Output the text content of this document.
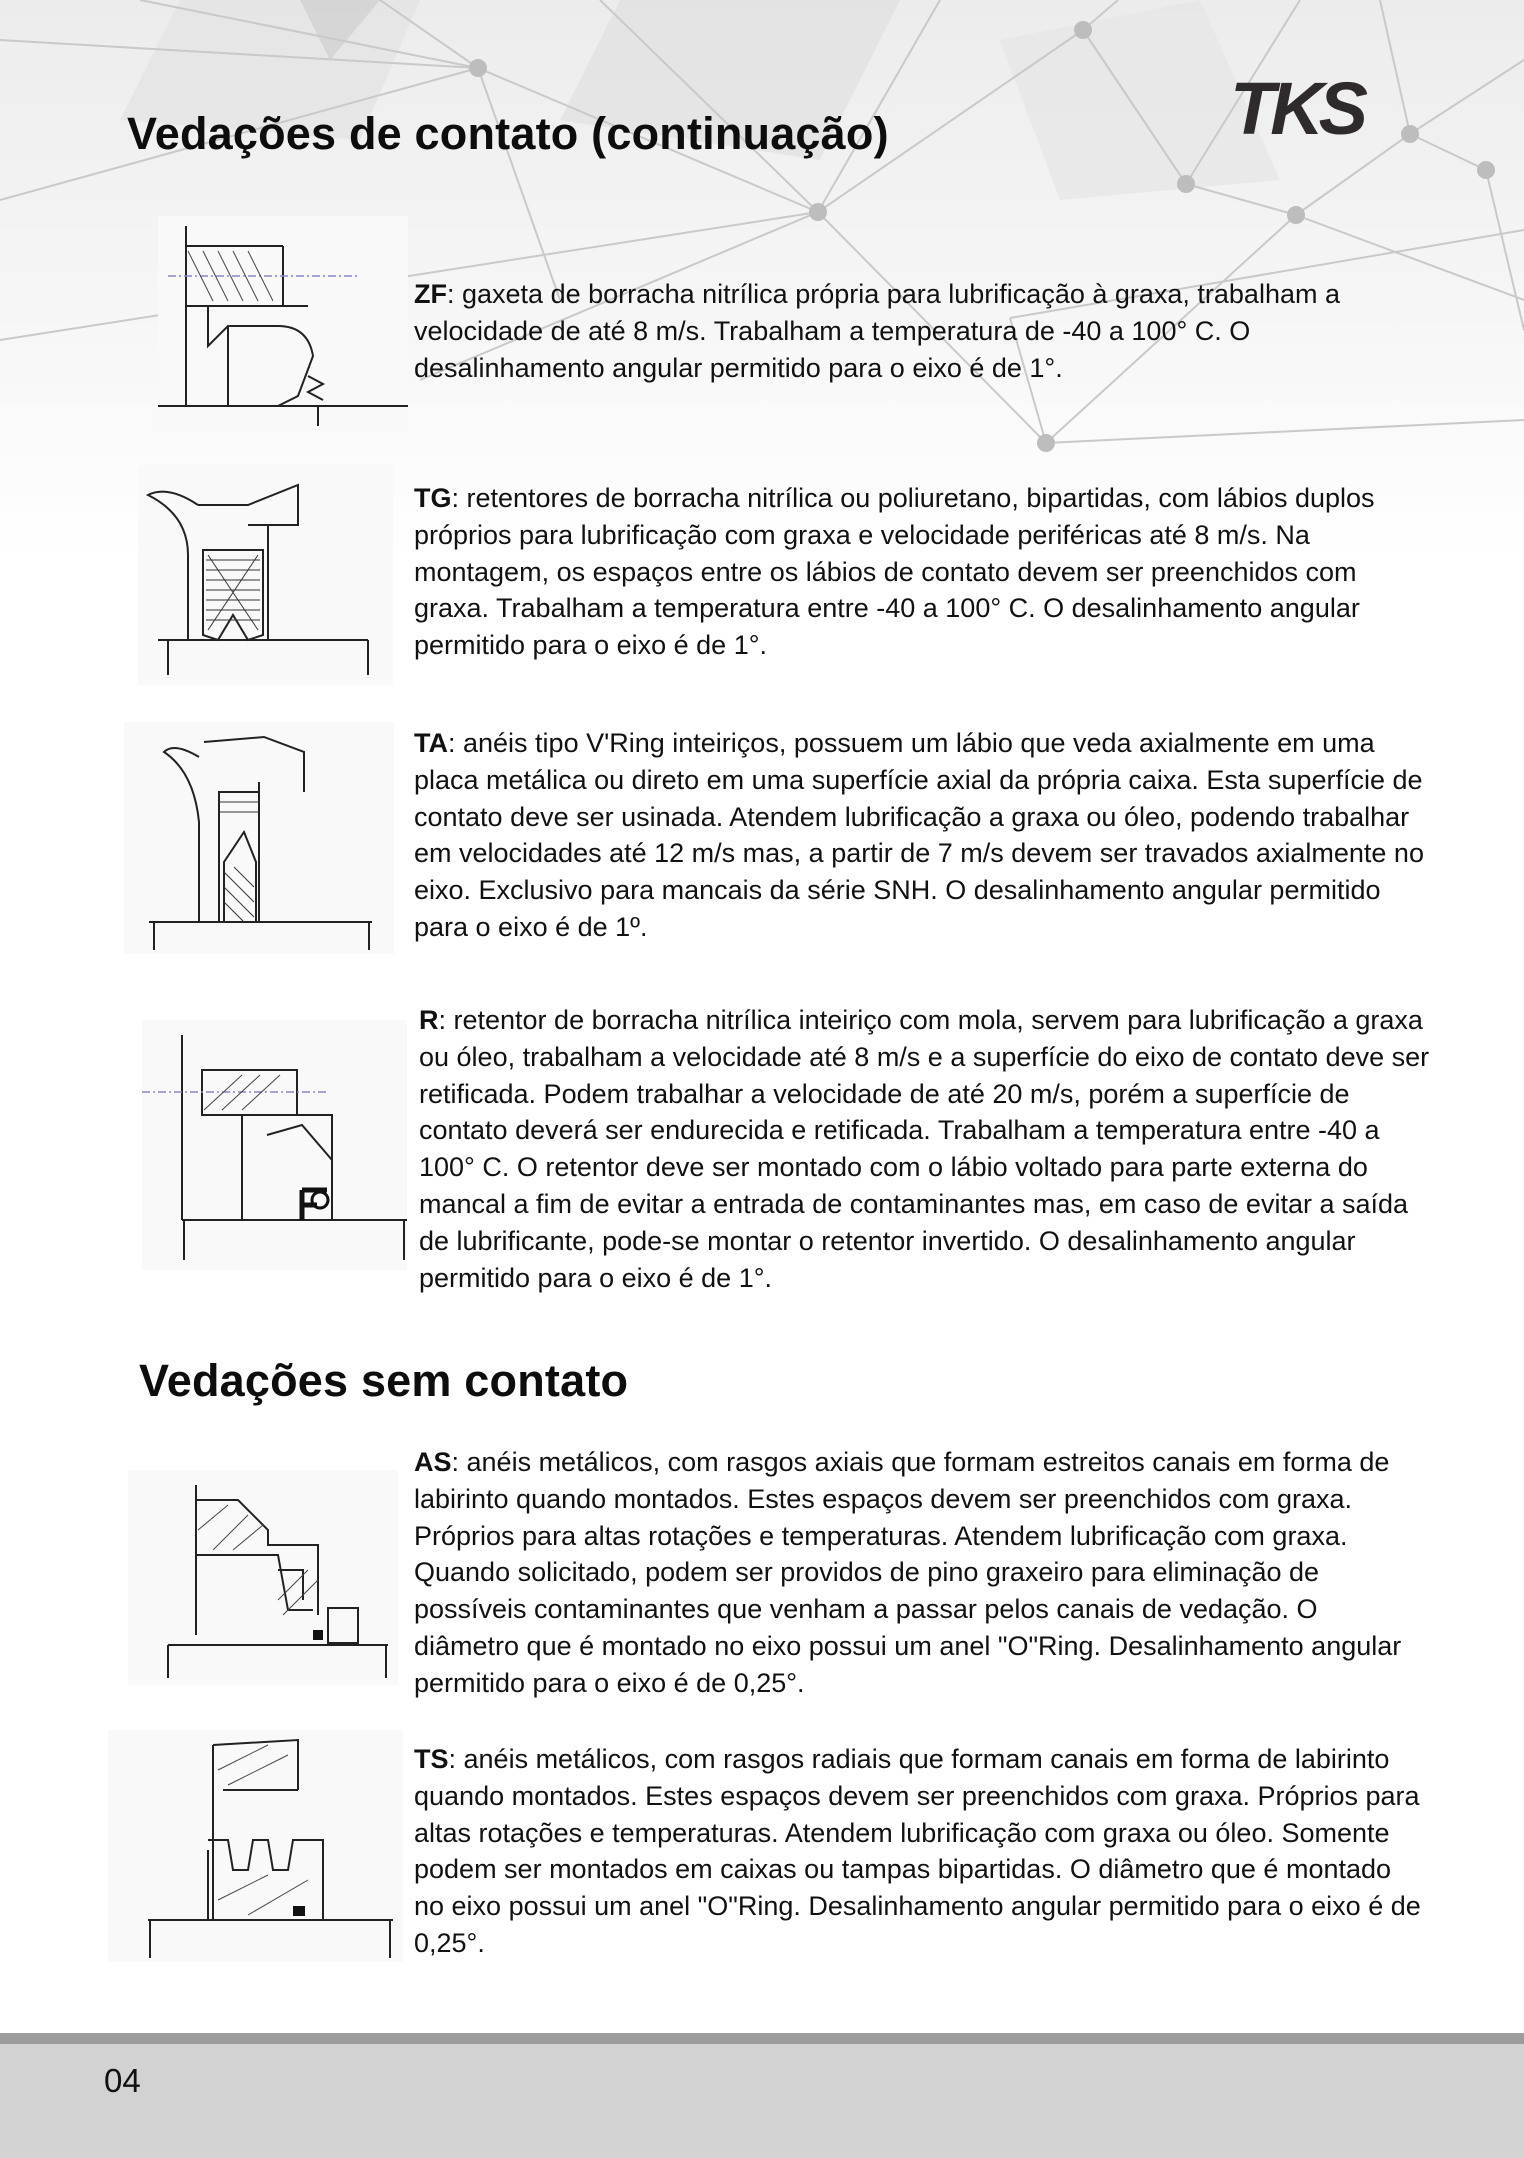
TKS
Vedações de contato (continuação)

ZF: gaxeta de borracha nitrílica própria para lubrificação à graxa, trabalham a velocidade de até 8 m/s. Trabalham a temperatura de -40 a 100° C. O desalinhamento angular permitido para o eixo é de 1°.

TG: retentores de borracha nitrílica ou poliuretano, bipartidas, com lábios duplos próprios para lubrificação com graxa e velocidade periféricas até 8 m/s. Na montagem, os espaços entre os lábios de contato devem ser preenchidos com graxa. Trabalham a temperatura entre -40 a 100° C. O desalinhamento angular permitido para o eixo é de 1°.

TA: anéis tipo V'Ring inteiriços, possuem um lábio que veda axialmente em uma placa metálica ou direto em uma superfície axial da própria caixa. Esta superfície de contato deve ser usinada. Atendem lubrificação a graxa ou óleo, podendo trabalhar em velocidades até 12 m/s mas, a partir de 7 m/s devem ser travados axialmente no eixo. Exclusivo para mancais da série SNH. O desalinhamento angular permitido para o eixo é de 1º.

R: retentor de borracha nitrílica inteiriço com mola, servem para lubrificação a graxa ou óleo, trabalham a velocidade até 8 m/s e a superfície do eixo de contato deve ser retificada. Podem trabalhar a velocidade de até 20 m/s, porém a superfície de contato deverá ser endurecida e retificada. Trabalham a temperatura entre -40 a 100° C. O retentor deve ser montado com o lábio voltado para parte externa do mancal a fim de evitar a entrada de contaminantes mas, em caso de evitar a saída de lubrificante, pode-se montar o retentor invertido. O desalinhamento angular permitido para o eixo é de 1°.

Vedações sem contato

AS: anéis metálicos, com rasgos axiais que formam estreitos canais em forma de labirinto quando montados. Estes espaços devem ser preenchidos com graxa. Próprios para altas rotações e temperaturas. Atendem lubrificação com graxa. Quando solicitado, podem ser providos de pino graxeiro para eliminação de possíveis contaminantes que venham a passar pelos canais de vedação. O diâmetro que é montado no eixo possui um anel "O"Ring. Desalinhamento angular permitido para o eixo é de 0,25°.

TS: anéis metálicos, com rasgos radiais que formam canais em forma de labirinto quando montados. Estes espaços devem ser preenchidos com graxa. Próprios para altas rotações e temperaturas. Atendem lubrificação com graxa ou óleo. Somente podem ser montados em caixas ou tampas bipartidas. O diâmetro que é montado no eixo possui um anel "O"Ring. Desalinhamento angular permitido para o eixo é de 0,25°.

04
